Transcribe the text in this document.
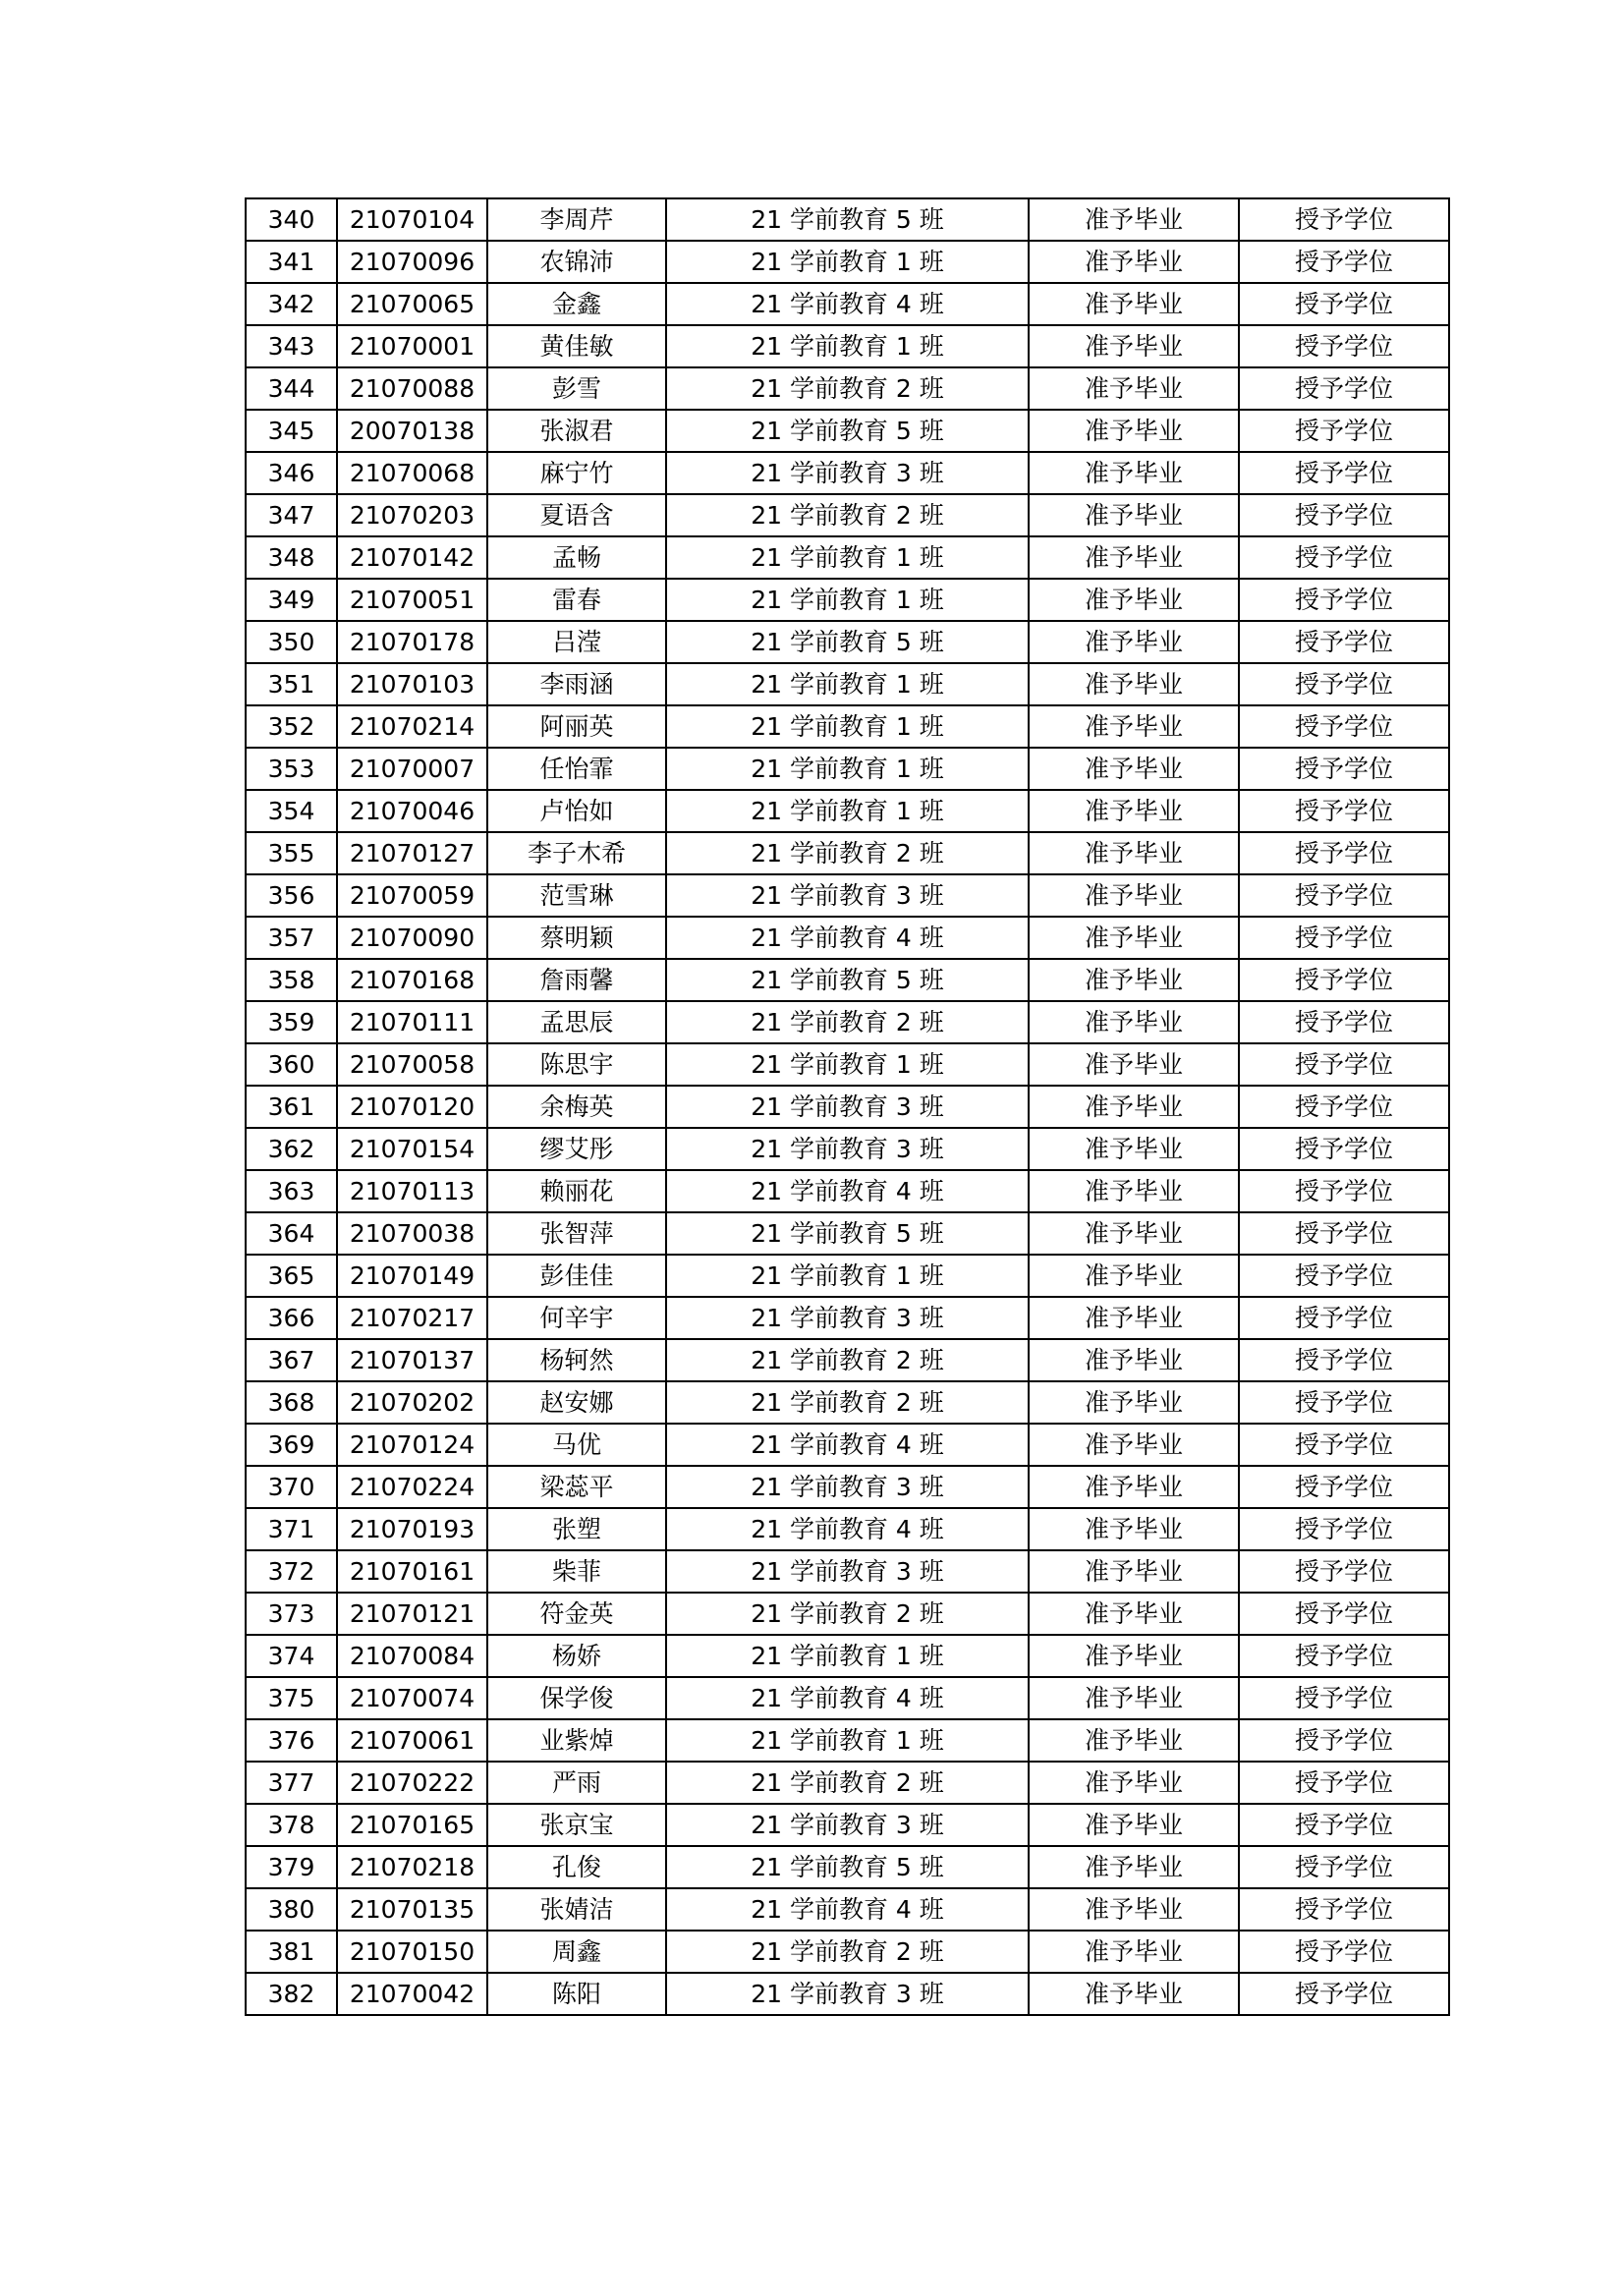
340	21070104	李周芹	21 学前教育 5 班	准予毕业	授予学位
341	21070096	农锦沛	21 学前教育 1 班	准予毕业	授予学位
342	21070065	金鑫	21 学前教育 4 班	准予毕业	授予学位
343	21070001	黄佳敏	21 学前教育 1 班	准予毕业	授予学位
344	21070088	彭雪	21 学前教育 2 班	准予毕业	授予学位
345	20070138	张淑君	21 学前教育 5 班	准予毕业	授予学位
346	21070068	麻宁竹	21 学前教育 3 班	准予毕业	授予学位
347	21070203	夏语含	21 学前教育 2 班	准予毕业	授予学位
348	21070142	孟畅	21 学前教育 1 班	准予毕业	授予学位
349	21070051	雷春	21 学前教育 1 班	准予毕业	授予学位
350	21070178	吕滢	21 学前教育 5 班	准予毕业	授予学位
351	21070103	李雨涵	21 学前教育 1 班	准予毕业	授予学位
352	21070214	阿丽英	21 学前教育 1 班	准予毕业	授予学位
353	21070007	任怡霏	21 学前教育 1 班	准予毕业	授予学位
354	21070046	卢怡如	21 学前教育 1 班	准予毕业	授予学位
355	21070127	李子木希	21 学前教育 2 班	准予毕业	授予学位
356	21070059	范雪琳	21 学前教育 3 班	准予毕业	授予学位
357	21070090	蔡明颖	21 学前教育 4 班	准予毕业	授予学位
358	21070168	詹雨馨	21 学前教育 5 班	准予毕业	授予学位
359	21070111	孟思辰	21 学前教育 2 班	准予毕业	授予学位
360	21070058	陈思宇	21 学前教育 1 班	准予毕业	授予学位
361	21070120	余梅英	21 学前教育 3 班	准予毕业	授予学位
362	21070154	缪艾彤	21 学前教育 3 班	准予毕业	授予学位
363	21070113	赖丽花	21 学前教育 4 班	准予毕业	授予学位
364	21070038	张智萍	21 学前教育 5 班	准予毕业	授予学位
365	21070149	彭佳佳	21 学前教育 1 班	准予毕业	授予学位
366	21070217	何辛宇	21 学前教育 3 班	准予毕业	授予学位
367	21070137	杨轲然	21 学前教育 2 班	准予毕业	授予学位
368	21070202	赵安娜	21 学前教育 2 班	准予毕业	授予学位
369	21070124	马优	21 学前教育 4 班	准予毕业	授予学位
370	21070224	梁蕊平	21 学前教育 3 班	准予毕业	授予学位
371	21070193	张塑	21 学前教育 4 班	准予毕业	授予学位
372	21070161	柴菲	21 学前教育 3 班	准予毕业	授予学位
373	21070121	符金英	21 学前教育 2 班	准予毕业	授予学位
374	21070084	杨娇	21 学前教育 1 班	准予毕业	授予学位
375	21070074	保学俊	21 学前教育 4 班	准予毕业	授予学位
376	21070061	业紫焯	21 学前教育 1 班	准予毕业	授予学位
377	21070222	严雨	21 学前教育 2 班	准予毕业	授予学位
378	21070165	张京宝	21 学前教育 3 班	准予毕业	授予学位
379	21070218	孔俊	21 学前教育 5 班	准予毕业	授予学位
380	21070135	张婧洁	21 学前教育 4 班	准予毕业	授予学位
381	21070150	周鑫	21 学前教育 2 班	准予毕业	授予学位
382	21070042	陈阳	21 学前教育 3 班	准予毕业	授予学位
